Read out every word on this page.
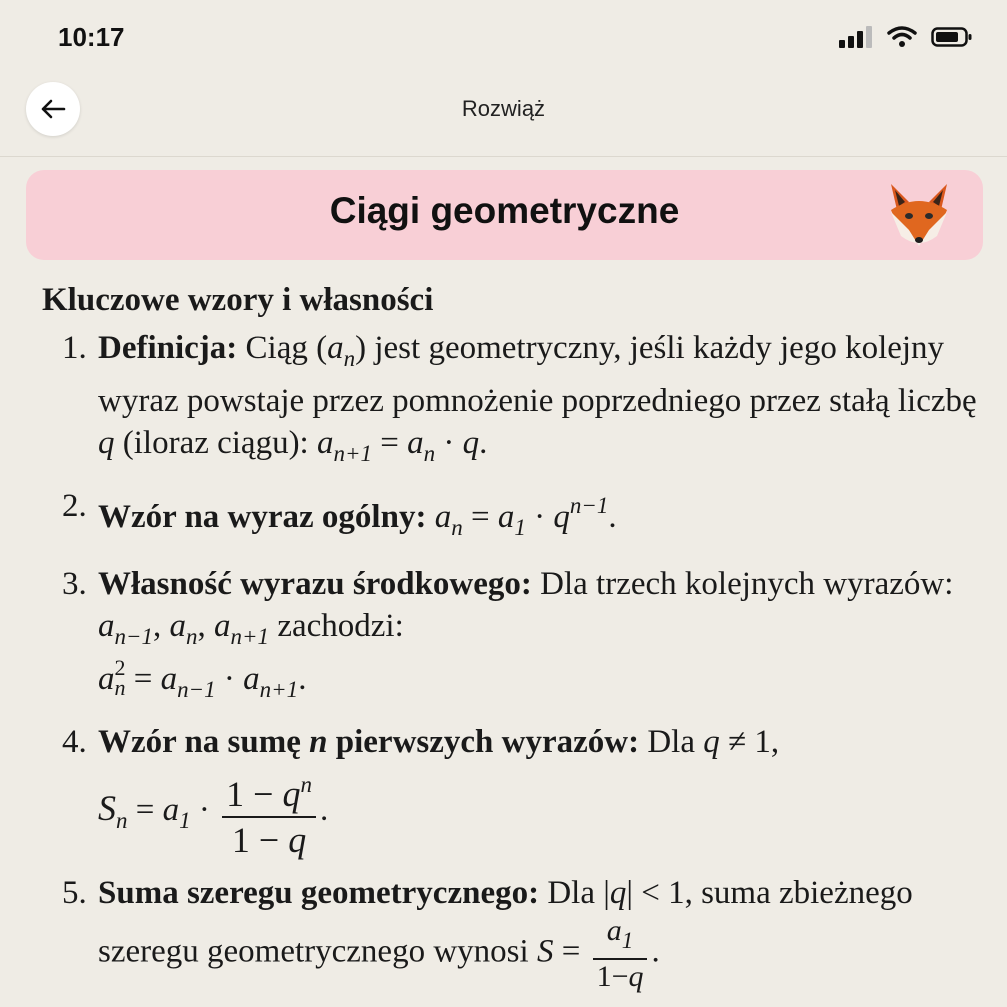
10:17
Rozwiąż
Ciągi geometryczne
Kluczowe wzory i własności
1. Definicja: Ciąg $(a_n)$ jest geometryczny, jeśli każdy jego kolejny wyraz powstaje przez pomnożenie poprzedniego przez stałą liczbę q (iloraz ciągu): $a_{n+1} = a_n \cdot q$.
2. Wzór na wyraz ogólny: $a_n = a_1 \cdot q^{n-1}$.
3. Własność wyrazu środkowego: Dla trzech kolejnych wyrazów: $a_{n-1}$, $a_n$, $a_{n+1}$ zachodzi:
a 2
$n = a_{n-1} \cdot a_{n+1}$.
4. Wzór na sumę n pierwszych wyrazów: Dla q ≠ 1,
$S_n = a_1 \cdot \frac{1 - q^n}{1 - q}$ .
5. Suma szeregu geometrycznego: Dla |q| < 1, suma zbieżnego szeregu geometrycznego wynosi $S = \frac{a_1}{1-q}$ .
